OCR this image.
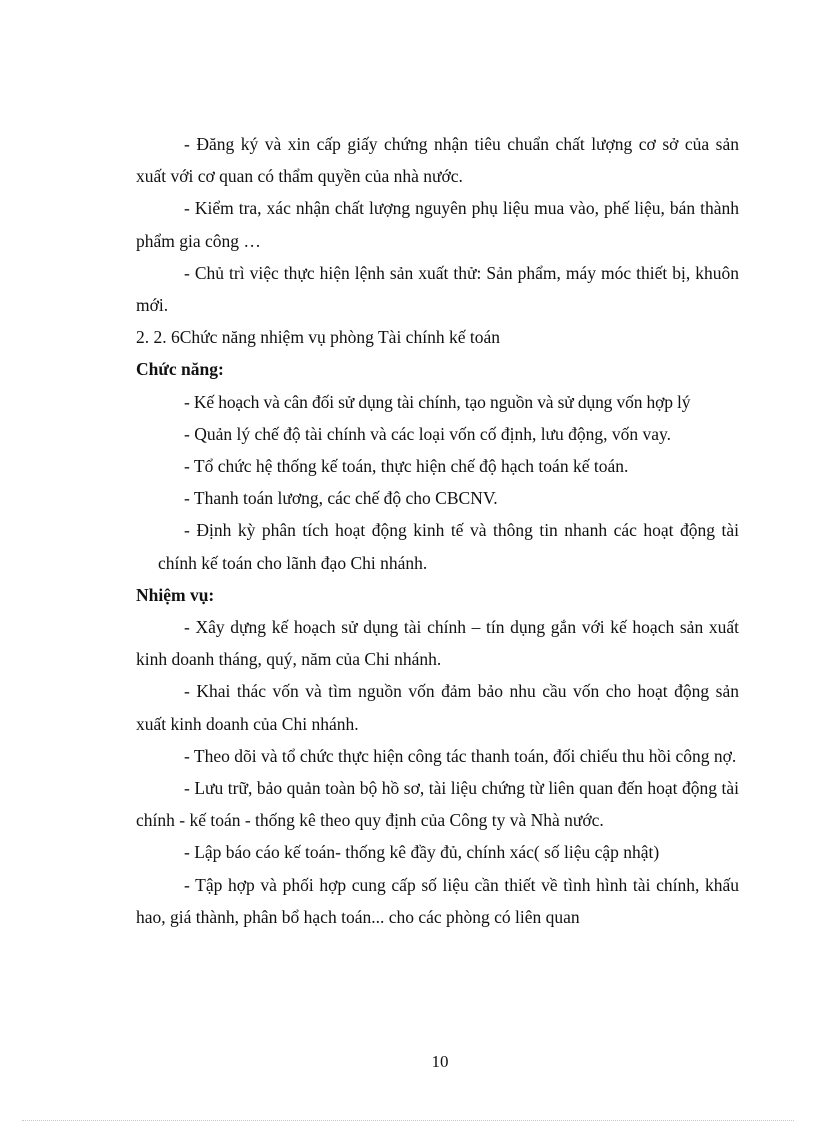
- Đăng ký và xin cấp giấy chứng nhận tiêu chuẩn chất lượng cơ sở của sản xuất với cơ quan có thẩm quyền của nhà nước.

- Kiểm tra, xác nhận chất lượng nguyên phụ liệu mua vào, phế liệu, bán thành phẩm gia công …

- Chủ trì việc thực hiện lệnh sản xuất thử: Sản phẩm, máy móc thiết bị, khuôn mới.

2. 2. 6Chức năng nhiệm vụ phòng Tài chính kế toán

Chức năng:

- Kế hoạch và cân đối sử dụng tài chính, tạo nguồn và sử dụng vốn hợp lý

- Quản lý chế độ tài chính và các loại vốn cố định, lưu động, vốn vay.

- Tổ chức hệ thống kế toán, thực hiện chế độ hạch toán kế toán.

- Thanh toán lương, các chế độ cho CBCNV.

- Định kỳ phân tích hoạt động kinh tế và thông tin nhanh các hoạt động tài chính kế toán cho lãnh đạo Chi nhánh.

Nhiệm vụ:

- Xây dựng kế hoạch sử dụng tài chính – tín dụng gắn với kế hoạch sản xuất kinh doanh tháng, quý, năm của Chi nhánh.

- Khai thác vốn và tìm nguồn vốn đảm bảo nhu cầu vốn cho hoạt động sản xuất kinh doanh của Chi nhánh.

- Theo dõi và tổ chức thực hiện công tác thanh toán, đối chiếu thu hồi công nợ.

- Lưu trữ, bảo quản toàn bộ hồ sơ, tài liệu chứng từ liên quan đến hoạt động tài chính - kế toán - thống kê theo quy định của Công ty và Nhà nước.

- Lập báo cáo kế toán- thống kê đầy đủ, chính xác( số liệu cập nhật)

- Tập hợp và phối hợp cung cấp số liệu cần thiết về tình hình tài chính, khấu hao, giá thành, phân bổ hạch toán... cho các phòng có liên quan

10
